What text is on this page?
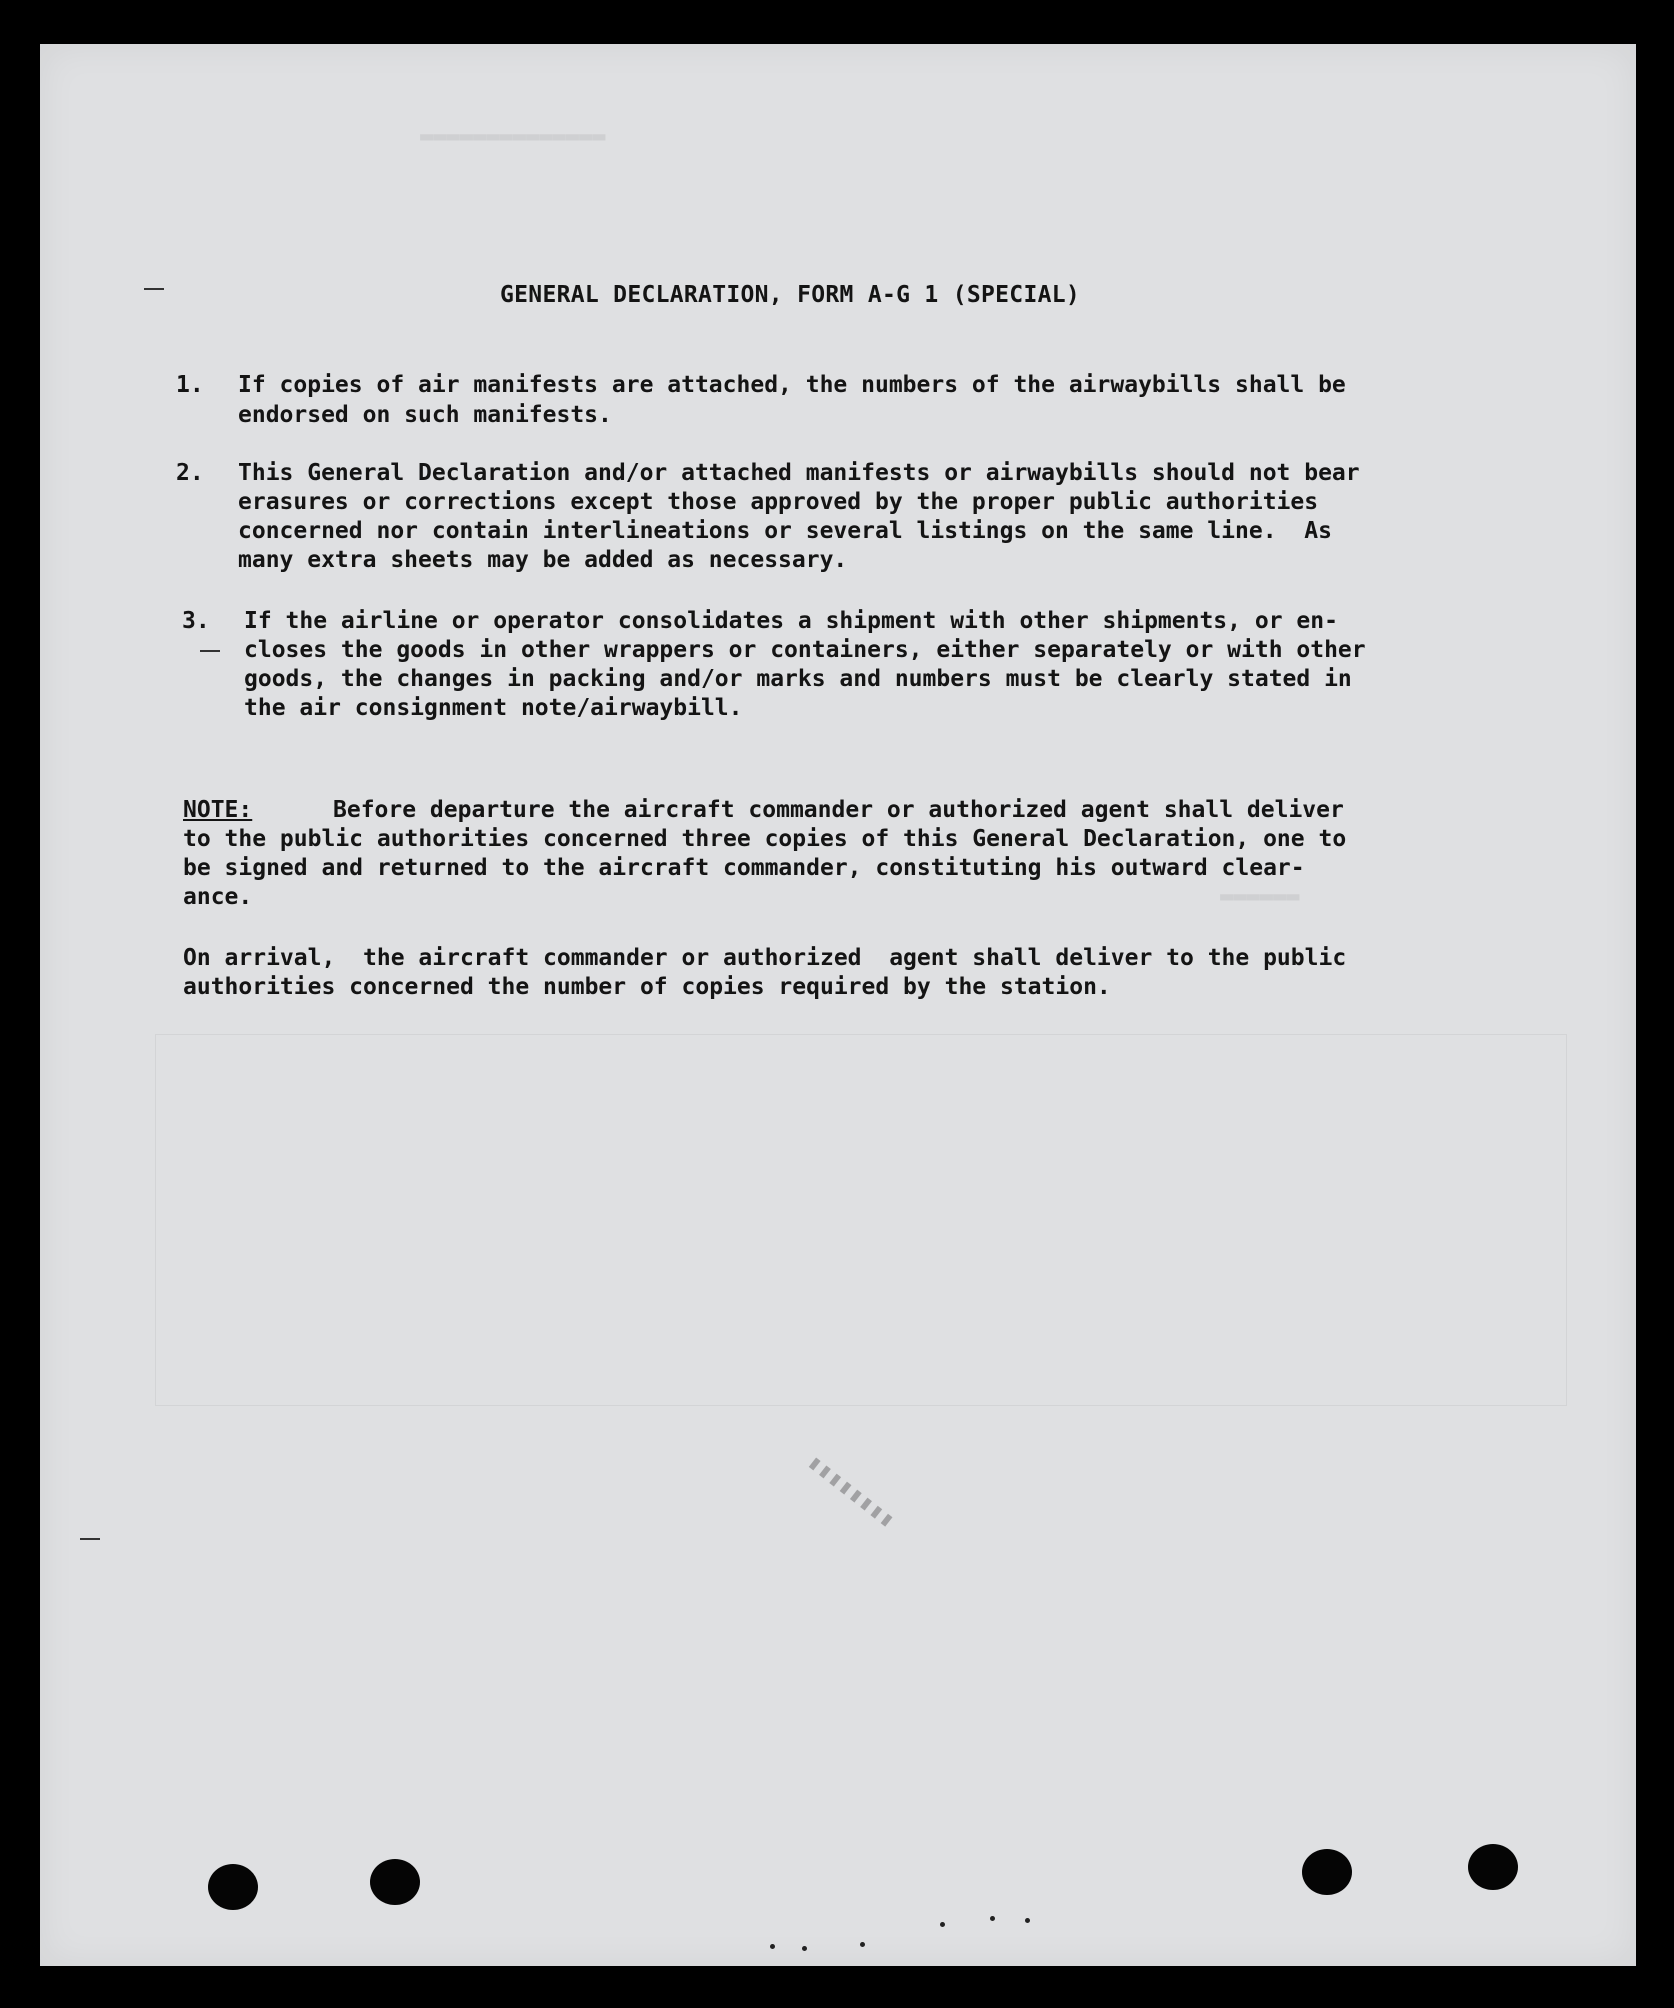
▬▬▬▬▬▬▬▬▬▬▬▬▬▬
▬▬▬▬▬▬
GENERAL DECLARATION, FORM A-G 1 (SPECIAL)

1.

If copies of air manifests are attached, the numbers of the airwaybills shall be

endorsed on such manifests.

2.

This General Declaration and/or attached manifests or airwaybills should not bear

erasures or corrections except those approved by the proper public authorities

concerned nor contain interlineations or several listings on the same line.  As

many extra sheets may be added as necessary.

3.

If the airline or operator consolidates a shipment with other shipments, or en-

closes the goods in other wrappers or containers, either separately or with other

goods, the changes in packing and/or marks and numbers must be clearly stated in

the air consignment note/airwaybill.

NOTE:

	Before departure the aircraft commander or authorized agent shall deliver

to the public authorities concerned three copies of this General Declaration, one to

be signed and returned to the aircraft commander, constituting his outward clear-

ance.

On arrival,  the aircraft commander or authorized  agent shall deliver to the public

authorities concerned the number of copies required by the station.

▮▮▮▮▮▮▮▮
